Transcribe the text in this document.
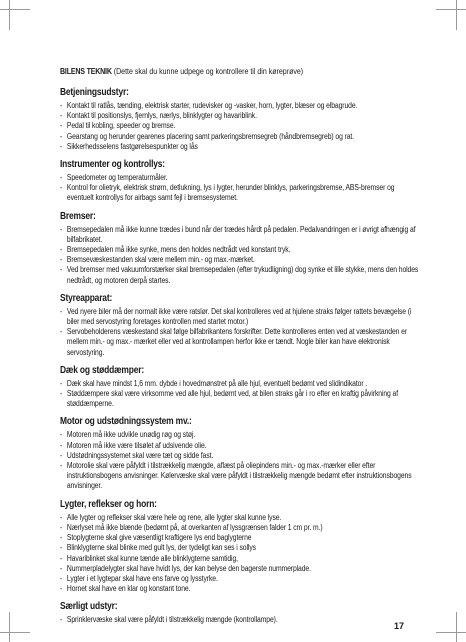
BILENS TEKNIK (Dette skal du kunne udpege og kontrollere til din køreprøve)

Betjeningsudstyr:
- Kontakt til ratlås, tænding, elektrisk starter, rudevisker og -vasker, horn, lygter, blæser og elbagrude.
- Kontakt til positionslys, fjernlys, nærlys, blinklygter og havariblink.
- Pedal til kobling, speeder og bremse.
- Gearstang og herunder gearenes placering samt parkeringsbremsegreb (håndbremsegreb) og rat.
- Sikkerhedsselens fastgørelsespunkter og lås
Instrumenter og kontrollys:
- Speedometer og temperaturmåler.
- Kontrol for olietryk, elektrisk strøm, detlukning, lys i lygter, herunder blinklys, parkeringsbremse, ABS-bremser og eventuelt kontrollys for airbags samt fejl i bremsesystemet.
Bremser:
- Bremsepedalen må ikke kunne trædes i bund når der trædes hårdt på pedalen. Pedalvandringen er i øvrigt afhængig af bilfabrikatet.
- Bremsepedalen må ikke synke, mens den holdes nedtrådt ved konstant tryk.
- Bremsevæskestanden skal være mellem min.- og max.-mærket.
- Ved bremser med vakuumforstærker skal bremsepedalen (efter trykudligning) dog synke et lille stykke, mens den holdes nedtrådt, og motoren derpå startes.
Styreapparat:
- Ved nyere biler må der normalt ikke være ratslør. Det skal kontrolleres ved at hjulene straks følger rattets bevægelse (i biler med servostyring foretages kontrollen med startet motor.)
- Servobeholderens væskestand skal følge bilfabrikantens forskrifter. Dette kontrolleres enten ved at væskestanden er mellem min.- og max.- mærket eller ved at kontrollampen herfor ikke er tændt. Nogle biler kan have elektronisk servostyring.
Dæk og støddæmper:
- Dæk skal have mindst 1,6 mm. dybde i hovedmønstret på alle hjul, eventuelt bedømt ved slidindikator .
- Støddæmpere skal være virksomme ved alle hjul, bedømt ved, at bilen straks går i ro efter en kraftig påvirkning af støddæmperne.
Motor og udstødningssystem mv.:
- Motoren må ikke udvikle unødig røg og støj.
- Motoren må ikke være tilsølet af udsivende olie.
- Udstødningssystemet skal være tæt og sidde fast.
- Motorolie skal være påfyldt i tilstrækkelig mængde, aflæst på oliepindens min.- og max.-mærker eller efter instruktionsbogens anvisninger. Kølervæske skal være påfyldt i tilstrækkelig mængde bedømt efter instruktionsbogens anvisninger.
Lygter, reflekser og horn:
- Alle lygter og reflekser skal være hele og rene, alle lygter skal kunne lyse.
- Nærlyset må ikke blænde (bedømt på, at overkanten af lyssgrænsen falder 1 cm pr. m.)
- Stoplygterne skal give væsentligt kraftigere lys end baglygterne
- Blinklygterne skal blinke med gult lys, der tydeligt kan ses i sollys
- Havariblinket skal kunne tænde alle blinklygterne samtidig,
- Nummerpladelygter skal have hvidt lys, der kan belyse den bagerste nummerplade.
- Lygter i et lygtepar skal have ens farve og lysstyrke.
- Hornet skal have en klar og konstant tone.
Særligt udstyr:
- Sprinklervæske skal være påfyldt i tilstrækkelig mængde (kontrollampe).
17
